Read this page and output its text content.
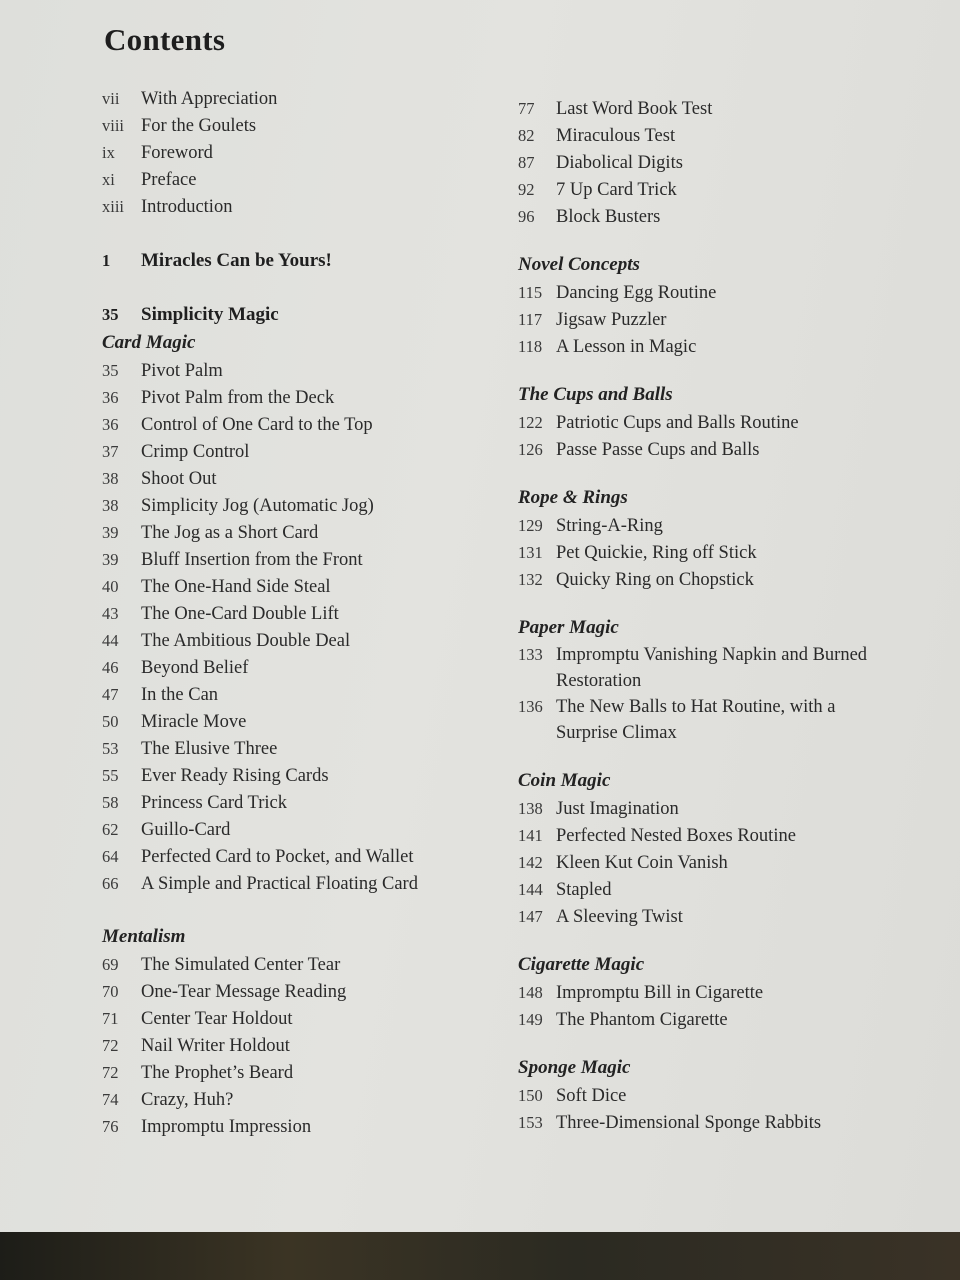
Contents
vii	With Appreciation
viii For the Goulets
ix	Foreword
xi	Preface
xiii Introduction
1	Miracles Can be Yours!
35	Simplicity Magic
Card Magic
35	Pivot Palm
36	Pivot Palm from the Deck
36	Control of One Card to the Top
37	Crimp Control
38	Shoot Out
38	Simplicity Jog (Automatic Jog)
39	The Jog as a Short Card
39	Bluff Insertion from the Front
40	The One-Hand Side Steal
43	The One-Card Double Lift
44	The Ambitious Double Deal
46	Beyond Belief
47	In the Can
50	Miracle Move
53	The Elusive Three
55	Ever Ready Rising Cards
58	Princess Card Trick
62	Guillo-Card
64	Perfected Card to Pocket, and Wallet
66	A Simple and Practical Floating Card
Mentalism
69	The Simulated Center Tear
70	One-Tear Message Reading
71	Center Tear Holdout
72	Nail Writer Holdout
72	The Prophet’s Beard
74	Crazy, Huh?
76	Impromptu Impression
77	Last Word Book Test
82	Miraculous Test
87	Diabolical Digits
92	7 Up Card Trick
96	Block Busters
Novel Concepts
115 Dancing Egg Routine
117 Jigsaw Puzzler
118 A Lesson in Magic
The Cups and Balls
122 Patriotic Cups and Balls Routine
126 Passe Passe Cups and Balls
Rope & Rings
129 String-A-Ring
131 Pet Quickie, Ring off Stick
132 Quicky Ring on Chopstick
Paper Magic
133 Impromptu Vanishing Napkin and Burned Restoration
136 The New Balls to Hat Routine, with a Surprise Climax
Coin Magic
138 Just Imagination
141 Perfected Nested Boxes Routine
142 Kleen Kut Coin Vanish
144 Stapled
147 A Sleeving Twist
Cigarette Magic
148 Impromptu Bill in Cigarette
149 The Phantom Cigarette
Sponge Magic
150 Soft Dice
153 Three-Dimensional Sponge Rabbits
